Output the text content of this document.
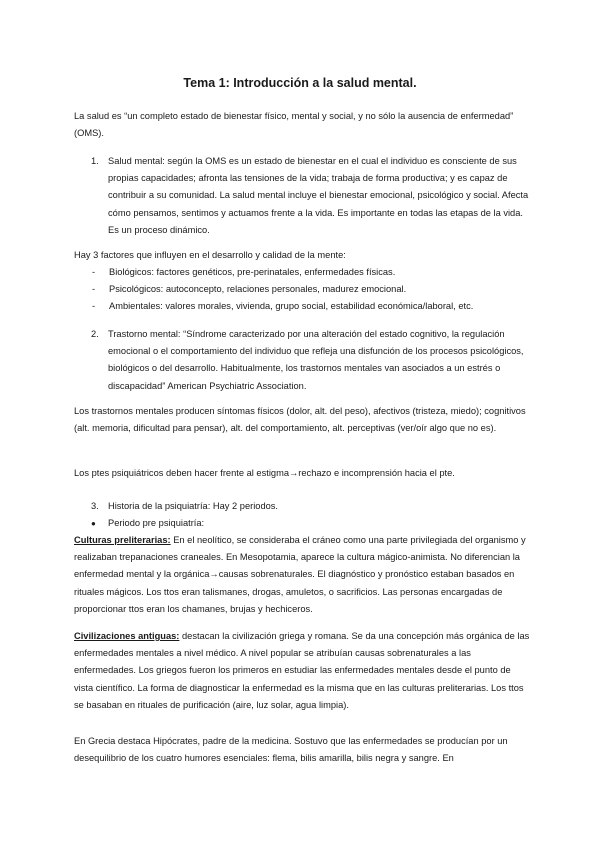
Tema 1: Introducción a la salud mental.
La salud es “un completo estado de bienestar físico, mental y social, y no sólo la ausencia de enfermedad” (OMS).
1. Salud mental: según la OMS es un estado de bienestar en el cual el individuo es consciente de sus propias capacidades; afronta las tensiones de la vida; trabaja de forma productiva; y es capaz de contribuir a su comunidad. La salud mental incluye el bienestar emocional, psicológico y social. Afecta cómo pensamos, sentimos y actuamos frente a la vida. Es importante en todas las etapas de la vida. Es un proceso dinámico.
Hay 3 factores que influyen en el desarrollo y calidad de la mente:
- Biológicos: factores genéticos, pre-perinatales, enfermedades físicas.
- Psicológicos: autoconcepto, relaciones personales, madurez emocional.
- Ambientales: valores morales, vivienda, grupo social, estabilidad económica/laboral, etc.
2. Trastorno mental: “Síndrome caracterizado por una alteración del estado cognitivo, la regulación emocional o el comportamiento del individuo que refleja una disfunción de los procesos psicológicos, biológicos o del desarrollo. Habitualmente, los trastornos mentales van asociados a un estrés o discapacidad” American Psychiatric Association.
Los trastornos mentales producen síntomas físicos (dolor, alt. del peso), afectivos (tristeza, miedo); cognitivos (alt. memoria, dificultad para pensar), alt. del comportamiento, alt. perceptivas (ver/oír algo que no es).
Los ptes psiquiátricos deben hacer frente al estigma→rechazo e incomprensión hacia el pte.
3. Historia de la psiquiatría: Hay 2 periodos.
● Periodo pre psiquiatría:
Culturas preliterarias: En el neolítico, se consideraba el cráneo como una parte privilegiada del organismo y realizaban trepanaciones craneales. En Mesopotamia, aparece la cultura mágico-animista. No diferencian la enfermedad mental y la orgánica→causas sobrenaturales. El diagnóstico y pronóstico estaban basados en rituales mágicos. Los ttos eran talismanes, drogas, amuletos, o sacrificios. Las personas encargadas de proporcionar ttos eran los chamanes, brujas y hechiceros.
Civilizaciones antiguas: destacan la civilización griega y romana. Se da una concepción más orgánica de las enfermedades mentales a nivel médico. A nivel popular se atribuían causas sobrenaturales a las enfermedades. Los griegos fueron los primeros en estudiar las enfermedades mentales desde el punto de vista científico. La forma de diagnosticar la enfermedad es la misma que en las culturas preliterarias. Los ttos se basaban en rituales de purificación (aire, luz solar, agua limpia).
En Grecia destaca Hipócrates, padre de la medicina. Sostuvo que las enfermedades se producían por un desequilibrio de los cuatro humores esenciales: flema, bilis amarilla, bilis negra y sangre. En
